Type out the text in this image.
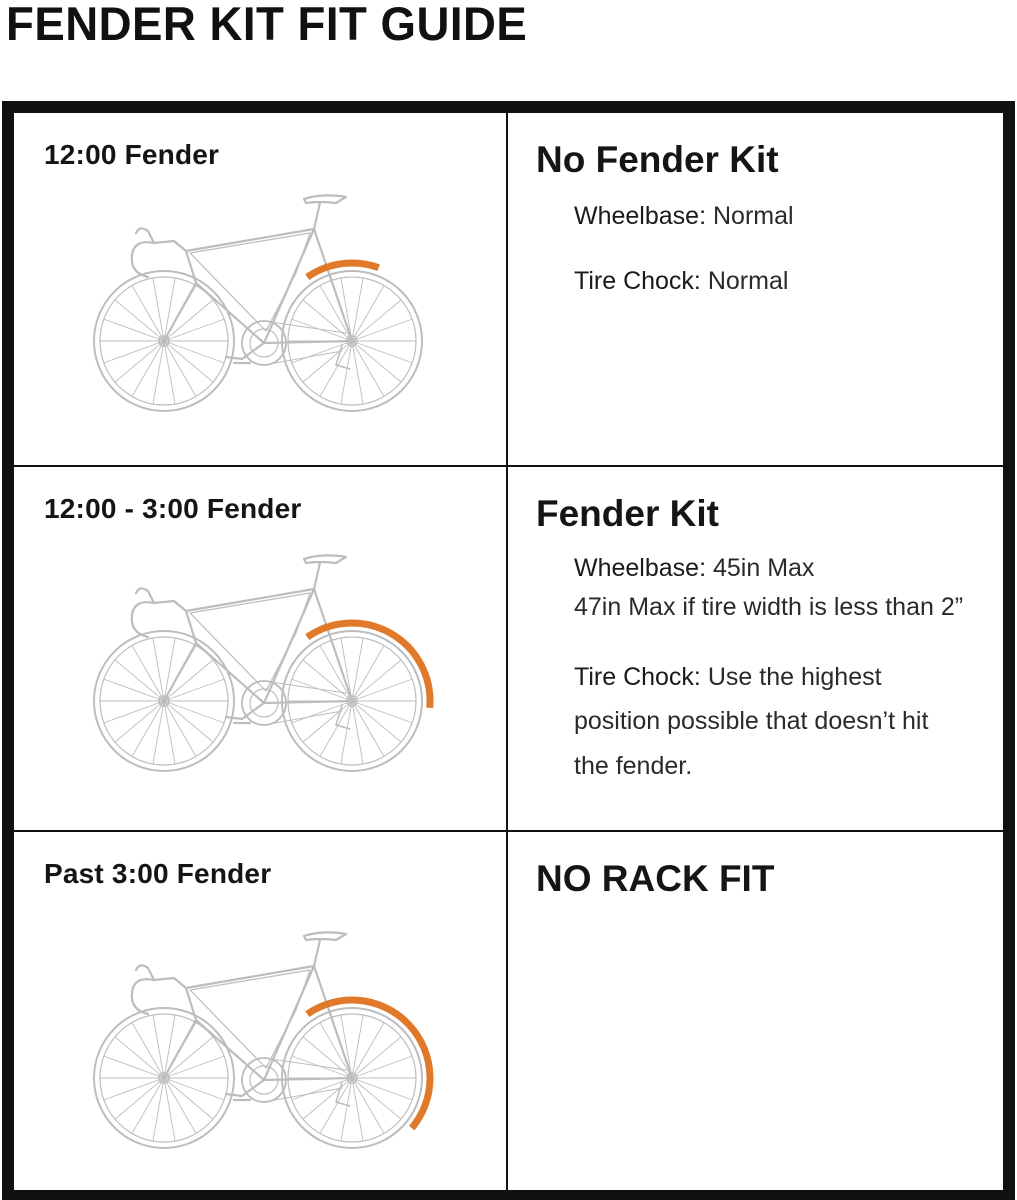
FENDER KIT FIT GUIDE
12:00 Fender	No Fender Kit
Wheelbase: Normal
Tire Chock: Normal
12:00 - 3:00 Fender	Fender Kit
Wheelbase: 45in Max
47in Max if tire width is less than 2”
Tire Chock: Use the highest
position possible that doesn’t hit
the fender.
Past 3:00 Fender	NO RACK FIT
